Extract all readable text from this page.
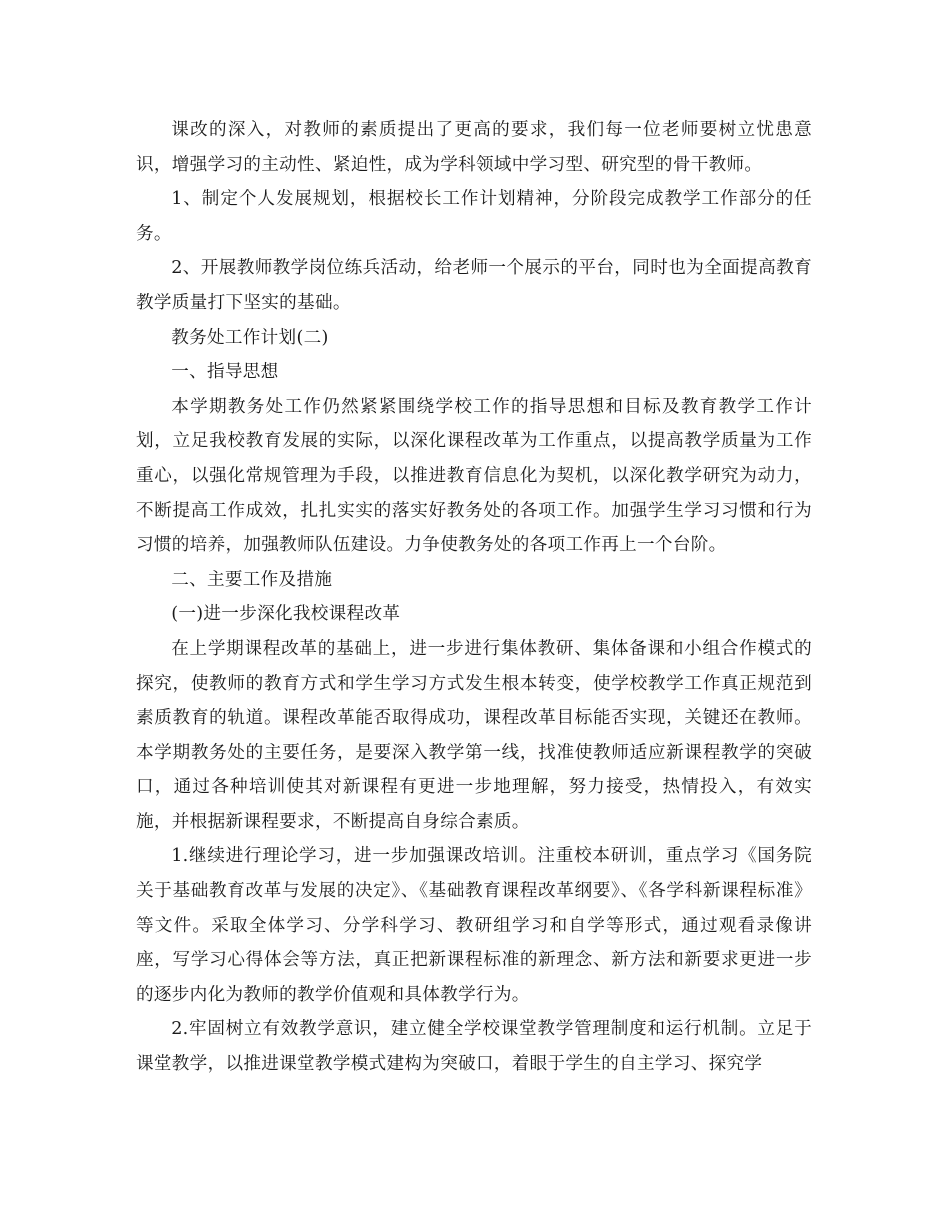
课改的深入，对教师的素质提出了更高的要求，我们每一位老师要树立忧患意识，增强学习的主动性、紧迫性，成为学科领域中学习型、研究型的骨干教师。

1、制定个人发展规划，根据校长工作计划精神，分阶段完成教学工作部分的任务。

2、开展教师教学岗位练兵活动，给老师一个展示的平台，同时也为全面提高教育教学质量打下坚实的基础。

教务处工作计划(二)

一、指导思想

本学期教务处工作仍然紧紧围绕学校工作的指导思想和目标及教育教学工作计划，立足我校教育发展的实际，以深化课程改革为工作重点，以提高教学质量为工作重心，以强化常规管理为手段，以推进教育信息化为契机，以深化教学研究为动力，不断提高工作成效，扎扎实实的落实好教务处的各项工作。加强学生学习习惯和行为习惯的培养，加强教师队伍建设。力争使教务处的各项工作再上一个台阶。

二、主要工作及措施

(一)进一步深化我校课程改革

在上学期课程改革的基础上，进一步进行集体教研、集体备课和小组合作模式的探究，使教师的教育方式和学生学习方式发生根本转变，使学校教学工作真正规范到素质教育的轨道。课程改革能否取得成功，课程改革目标能否实现，关键还在教师。本学期教务处的主要任务，是要深入教学第一线，找准使教师适应新课程教学的突破口，通过各种培训使其对新课程有更进一步地理解，努力接受，热情投入，有效实施，并根据新课程要求，不断提高自身综合素质。

1.继续进行理论学习，进一步加强课改培训。注重校本研训，重点学习《国务院关于基础教育改革与发展的决定》、《基础教育课程改革纲要》、《各学科新课程标准》等文件。采取全体学习、分学科学习、教研组学习和自学等形式，通过观看录像讲座，写学习心得体会等方法，真正把新课程标准的新理念、新方法和新要求更进一步的逐步内化为教师的教学价值观和具体教学行为。

2.牢固树立有效教学意识，建立健全学校课堂教学管理制度和运行机制。立足于课堂教学，以推进课堂教学模式建构为突破口，着眼于学生的自主学习、探究学
